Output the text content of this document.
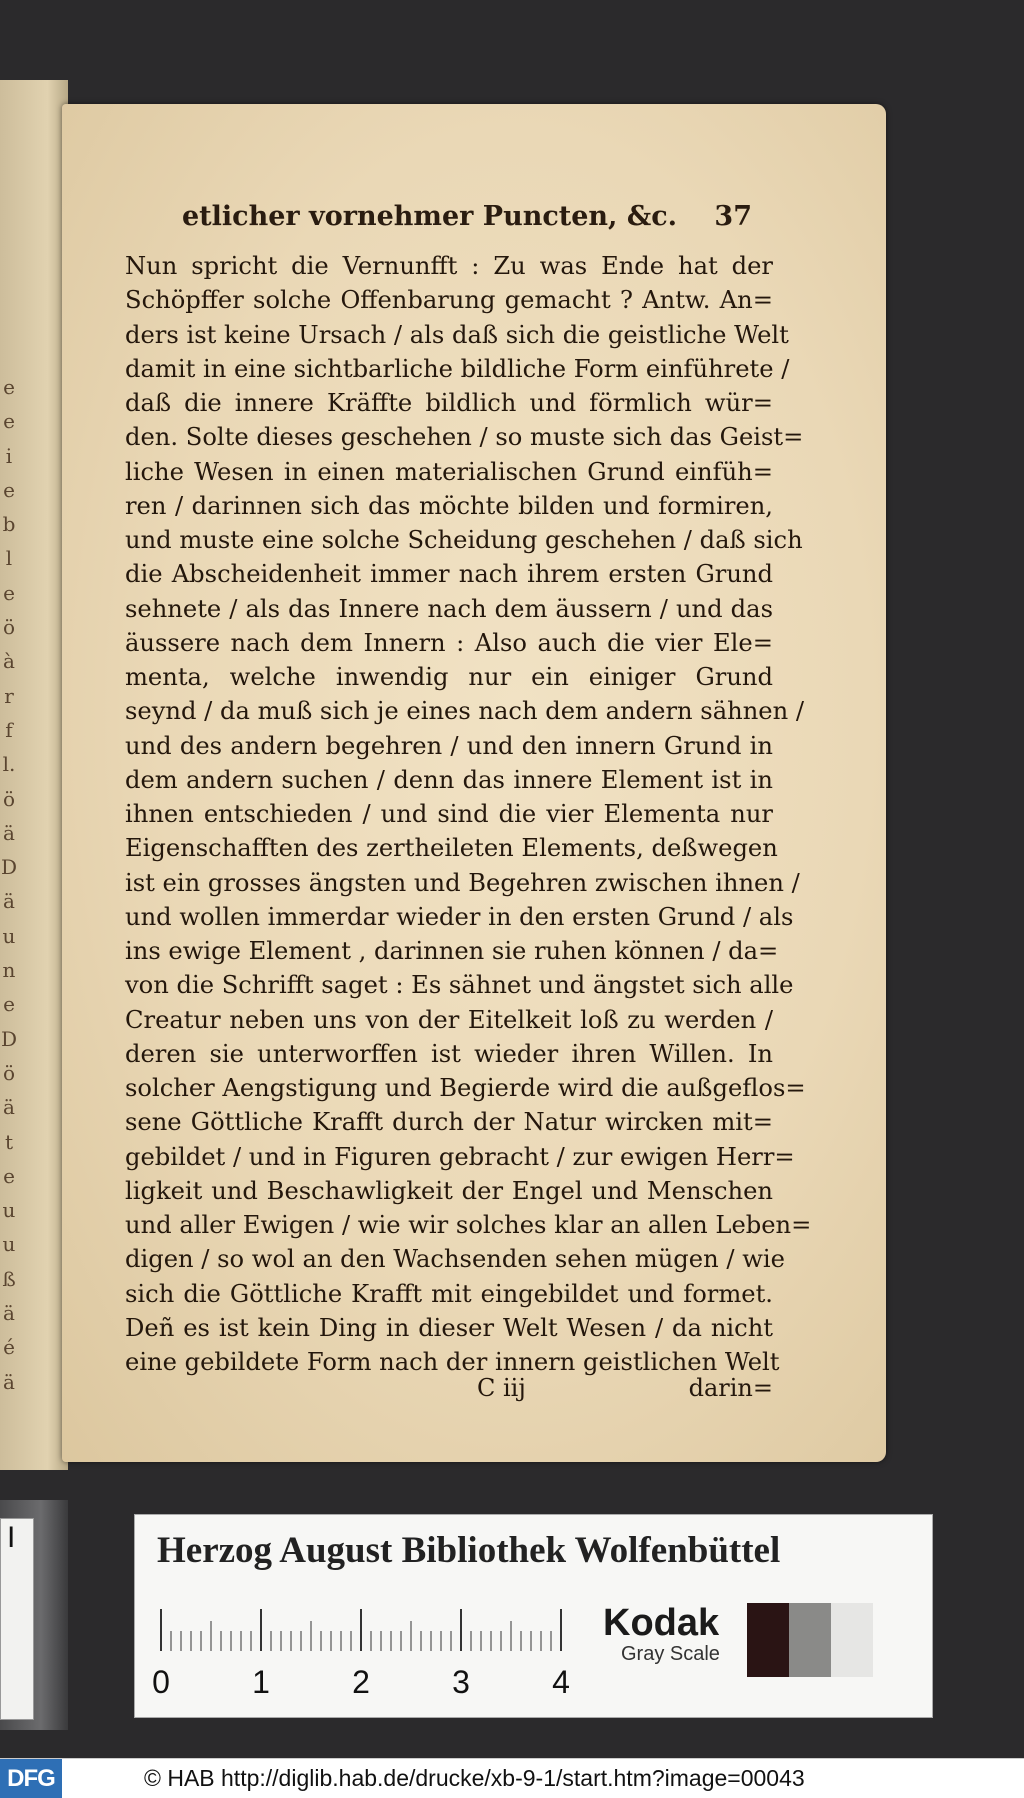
e
e
i
e
b
l
e
ö
à
r
f
l.
ö
ä
D
ä
u
n
e
D
ö
ä
t
e
u
u
ß
ä
é
ä
I
etlicher vornehmer Puncten, &c. 37
Nun spricht die Vernunfft : Zu was Ende hat der
Schöpffer solche Offenbarung gemacht ? Antw. An=
ders ist keine Ursach / als daß sich die geistliche Welt
damit in eine sichtbarliche bildliche Form einführete /
daß die innere Kräffte bildlich und förmlich wür=
den. Solte dieses geschehen / so muste sich das Geist=
liche Wesen in einen materialischen Grund einfüh=
ren / darinnen sich das möchte bilden und formiren,
und muste eine solche Scheidung geschehen / daß sich
die Abscheidenheit immer nach ihrem ersten Grund
sehnete / als das Innere nach dem äussern / und das
äussere nach dem Innern : Also auch die vier Ele=
menta, welche inwendig nur ein einiger Grund
seynd / da muß sich je eines nach dem andern sähnen /
und des andern begehren / und den innern Grund in
dem andern suchen / denn das innere Element ist in
ihnen entschieden / und sind die vier Elementa nur
Eigenschafften des zertheileten Elements, deßwegen
ist ein grosses ängsten und Begehren zwischen ihnen /
und wollen immerdar wieder in den ersten Grund / als
ins ewige Element , darinnen sie ruhen können / da=
von die Schrifft saget : Es sähnet und ängstet sich alle
Creatur neben uns von der Eitelkeit loß zu werden /
deren sie unterworffen ist wieder ihren Willen. In
solcher Aengstigung und Begierde wird die außgeflos=
sene Göttliche Krafft durch der Natur wircken mit=
gebildet / und in Figuren gebracht / zur ewigen Herr=
ligkeit und Beschawligkeit der Engel und Menschen
und aller Ewigen / wie wir solches klar an allen Leben=
digen / so wol an den Wachsenden sehen mügen / wie
sich die Göttliche Krafft mit eingebildet und formet.
Deñ es ist kein Ding in dieser Welt Wesen / da nicht
eine gebildete Form nach der innern geistlichen Welt
C iij	darin=
Herzog August Bibliothek Wolfenbüttel
0	1	2	3	4
Kodak
Gray Scale
DFG	© HAB http://diglib.hab.de/drucke/xb-9-1/start.htm?image=00043
